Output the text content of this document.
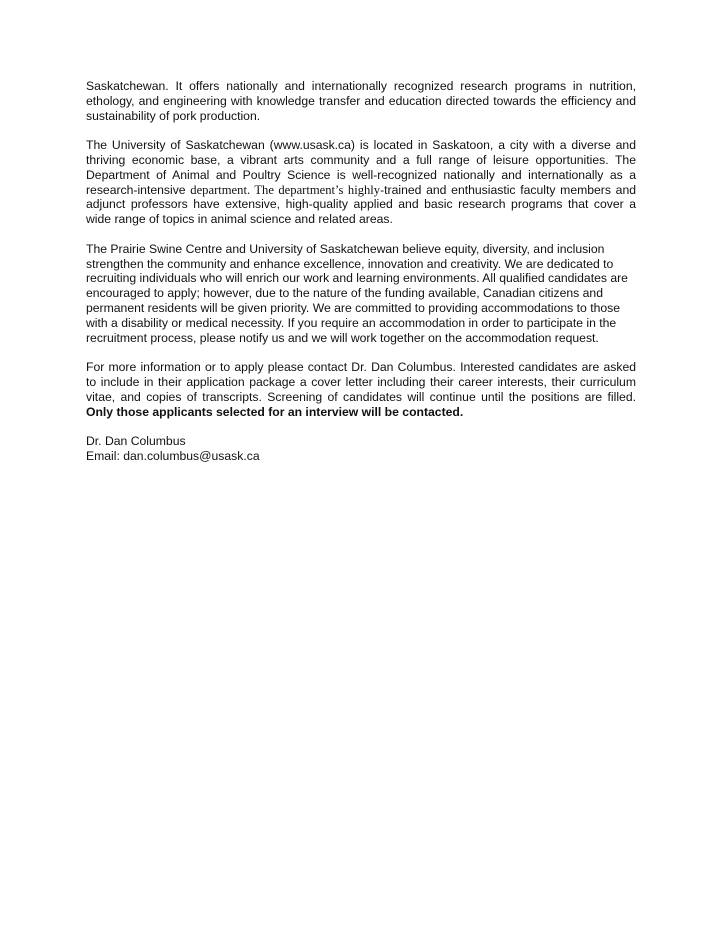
Saskatchewan. It offers nationally and internationally recognized research programs in nutrition, ethology, and engineering with knowledge transfer and education directed towards the efficiency and sustainability of pork production.

The University of Saskatchewan (www.usask.ca) is located in Saskatoon, a city with a diverse and thriving economic base, a vibrant arts community and a full range of leisure opportunities. The Department of Animal and Poultry Science is well-recognized nationally and internationally as a research-intensive department. The department’s highly-trained and enthusiastic faculty members and adjunct professors have extensive, high-quality applied and basic research programs that cover a wide range of topics in animal science and related areas.

The Prairie Swine Centre and University of Saskatchewan believe equity, diversity, and inclusion strengthen the community and enhance excellence, innovation and creativity. We are dedicated to recruiting individuals who will enrich our work and learning environments. All qualified candidates are encouraged to apply; however, due to the nature of the funding available, Canadian citizens and permanent residents will be given priority. We are committed to providing accommodations to those with a disability or medical necessity. If you require an accommodation in order to participate in the recruitment process, please notify us and we will work together on the accommodation request.

For more information or to apply please contact Dr. Dan Columbus. Interested candidates are asked to include in their application package a cover letter including their career interests, their curriculum vitae, and copies of transcripts. Screening of candidates will continue until the positions are filled. Only those applicants selected for an interview will be contacted.

Dr. Dan Columbus
Email: dan.columbus@usask.ca
